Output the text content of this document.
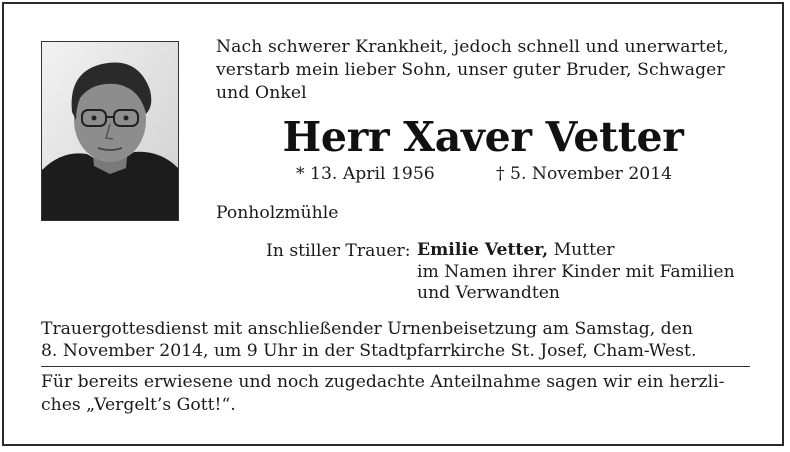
Nach schwerer Krankheit, jedoch schnell und unerwartet,
verstarb mein lieber Sohn, unser guter Bruder, Schwager
und Onkel
Herr Xaver Vetter
* 13. April 1956	† 5. November 2014
Ponholzmühle
In stiller Trauer: Emilie Vetter, Mutter
im Namen ihrer Kinder mit Familien
und Verwandten
Trauergottesdienst mit anschließender Urnenbeisetzung am Samstag, den
8. November 2014, um 9 Uhr in der Stadtpfarrkirche St. Josef, Cham-West.
Für bereits erwiesene und noch zugedachte Anteilnahme sagen wir ein herzli-
ches „Vergelt’s Gott!“.
